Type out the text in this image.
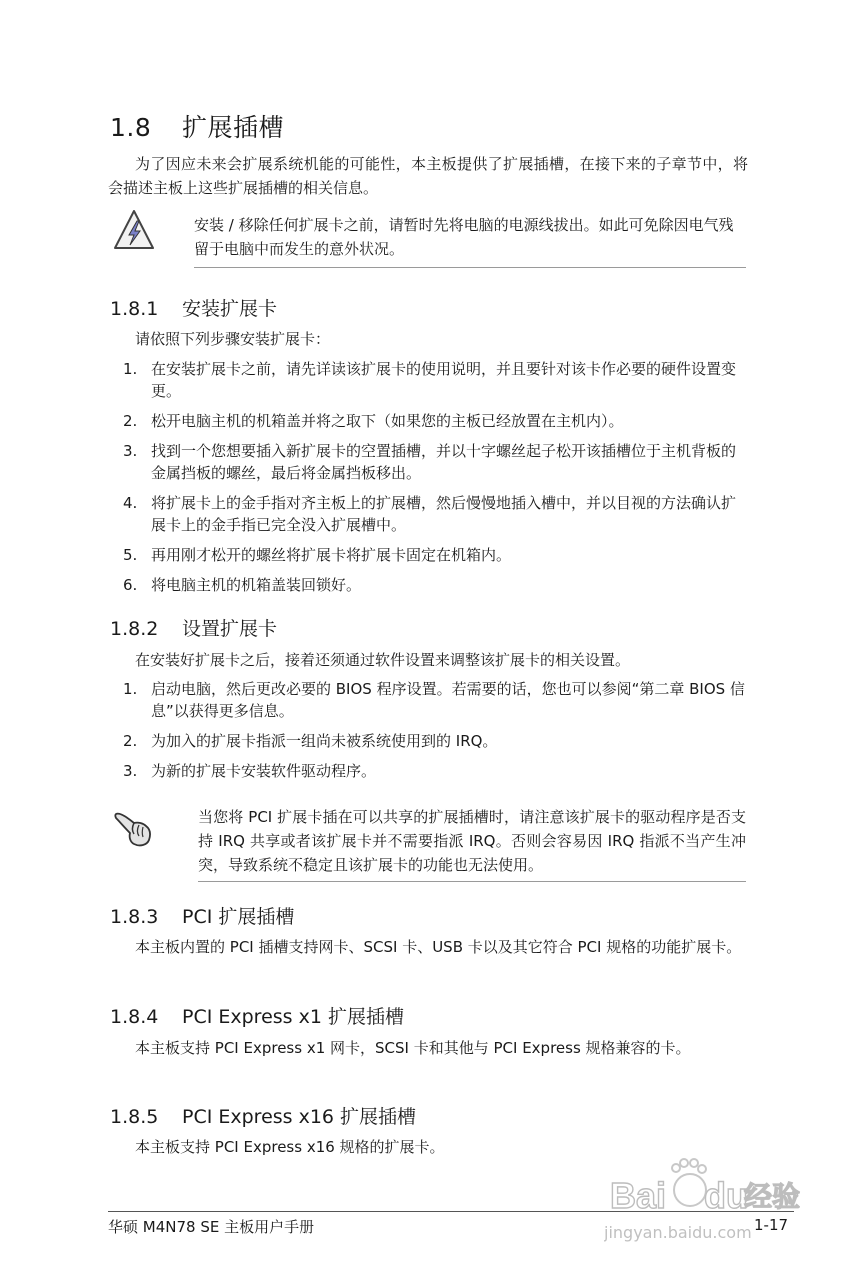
1.8 扩展插槽
为了因应未来会扩展系统机能的可能性，本主板提供了扩展插槽，在接下来的子章节中，将会描述主板上这些扩展插槽的相关信息。
安装 / 移除任何扩展卡之前，请暂时先将电脑的电源线拔出。如此可免除因电气残留于电脑中而发生的意外状况。
1.8.1 安装扩展卡
请依照下列步骤安装扩展卡：
1. 在安装扩展卡之前，请先详读该扩展卡的使用说明，并且要针对该卡作必要的硬件设置变更。
2. 松开电脑主机的机箱盖并将之取下（如果您的主板已经放置在主机内）。
3. 找到一个您想要插入新扩展卡的空置插槽，并以十字螺丝起子松开该插槽位于主机背板的金属挡板的螺丝，最后将金属挡板移出。
4. 将扩展卡上的金手指对齐主板上的扩展槽，然后慢慢地插入槽中，并以目视的方法确认扩展卡上的金手指已完全没入扩展槽中。
5. 再用刚才松开的螺丝将扩展卡将扩展卡固定在机箱内。
6. 将电脑主机的机箱盖装回锁好。
1.8.2 设置扩展卡
在安装好扩展卡之后，接着还须通过软件设置来调整该扩展卡的相关设置。
1. 启动电脑，然后更改必要的 BIOS 程序设置。若需要的话，您也可以参阅“第二章 BIOS 信息”以获得更多信息。
2. 为加入的扩展卡指派一组尚未被系统使用到的 IRQ。
3. 为新的扩展卡安装软件驱动程序。
当您将 PCI 扩展卡插在可以共享的扩展插槽时，请注意该扩展卡的驱动程序是否支持 IRQ 共享或者该扩展卡并不需要指派 IRQ。否则会容易因 IRQ 指派不当产生冲突，导致系统不稳定且该扩展卡的功能也无法使用。
1.8.3 PCI 扩展插槽
本主板内置的 PCI 插槽支持网卡、SCSI 卡、USB 卡以及其它符合 PCI 规格的功能扩展卡。
1.8.4 PCI Express x1 扩展插槽
本主板支持 PCI Express x1 网卡，SCSI 卡和其他与 PCI Express 规格兼容的卡。
1.8.5 PCI Express x16 扩展插槽
本主板支持 PCI Express x16 规格的扩展卡。
Bai du
经验
jingyan.baidu.com
华硕 M4N78 SE 主板用户手册	1-17
